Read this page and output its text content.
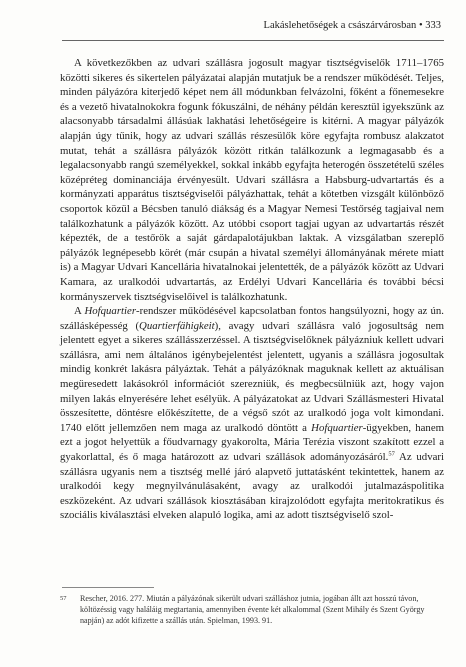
Lakáslehetőségek a császárvárosban • 333

A következőkben az udvari szállásra jogosult magyar tisztségviselők 1711–1765 közötti sikeres és sikertelen pályázatai alapján mutatjuk be a rendszer működését. Teljes, minden pályázóra kiterjedő képet nem áll módunkban felvázolni, főként a főnemesekre és a vezető hivatalnokokra fogunk fókuszálni, de néhány példán keresztül igyekszünk az alacsonyabb társadalmi állásúak lakhatási lehetőségeire is kitérni. A magyar pályázók alapján úgy tűnik, hogy az udvari szállás részesülők köre egyfajta rombusz alakzatot mutat, tehát a szállásra pályázók között ritkán találkozunk a legmagasabb és a legalacsonyabb rangú személyekkel, sokkal inkább egyfajta heterogén összetételű széles középréteg dominanciája érvényesült. Udvari szállásra a Habsburg-udvartartás és a kormányzati apparátus tisztségviselői pályázhattak, tehát a kötetben vizsgált különböző csoportok közül a Bécsben tanuló diákság és a Magyar Nemesi Testőrség tagjaival nem találkozhatunk a pályázók között. Az utóbbi csoport tagjai ugyan az udvartartás részét képezték, de a testőrök a saját gárdapalotájukban laktak. A vizsgálatban szereplő pályázók legnépesebb körét (már csupán a hivatal személyi állományának mérete miatt is) a Magyar Udvari Kancellária hivatalnokai jelentették, de a pályázók között az Udvari Kamara, az uralkodói udvartartás, az Erdélyi Udvari Kancellária és további bécsi kormányszervek tisztségviselőivel is találkozhatunk.

A Hofquartier-rendszer működésével kapcsolatban fontos hangsúlyozni, hogy az ún. szállásképesség (Quartierfähigkeit), avagy udvari szállásra való jogosultság nem jelentett egyet a sikeres szállásszerzéssel. A tisztségviselőknek pályázniuk kellett udvari szállásra, ami nem általános igénybejelentést jelentett, ugyanis a szállásra jogosultak mindig konkrét lakásra pályáztak. Tehát a pályázóknak maguknak kellett az aktuálisan megüresedett lakásokról információt szerezniük, és megbecsülniük azt, hogy vajon milyen lakás elnyerésére lehet esélyük. A pályázatokat az Udvari Szállásmesteri Hivatal összesítette, döntésre előkészítette, de a végső szót az uralkodó joga volt kimondani. 1740 előtt jellemzően nem maga az uralkodó döntött a Hofquartier-ügyekben, hanem ezt a jogot helyettük a főudvarnagy gyakorolta, Mária Terézia viszont szakított ezzel a gyakorlattal, és ő maga határozott az udvari szállások adományozásáról.$^{57}$ Az udvari szállásra ugyanis nem a tisztség mellé járó alapvető juttatásként tekintettek, hanem az uralkodói kegy megnyilvánulásaként, avagy az uralkodói jutalmazáspolitika eszközeként. Az udvari szállások kiosztásában kirajzolódott egyfajta meritokratikus és szociális kiválasztási elveken alapuló logika, ami az adott tisztségviselő szol-

57	Rescher, 2016. 277. Miután a pályázónak sikerült udvari szálláshoz jutnia, jogában állt azt hosszú távon, költözéssig vagy haláláig megtartania, amennyiben évente két alkalommal (Szent Mihály és Szent György napján) az adót kifizette a szállás után. Spielman, 1993. 91.
